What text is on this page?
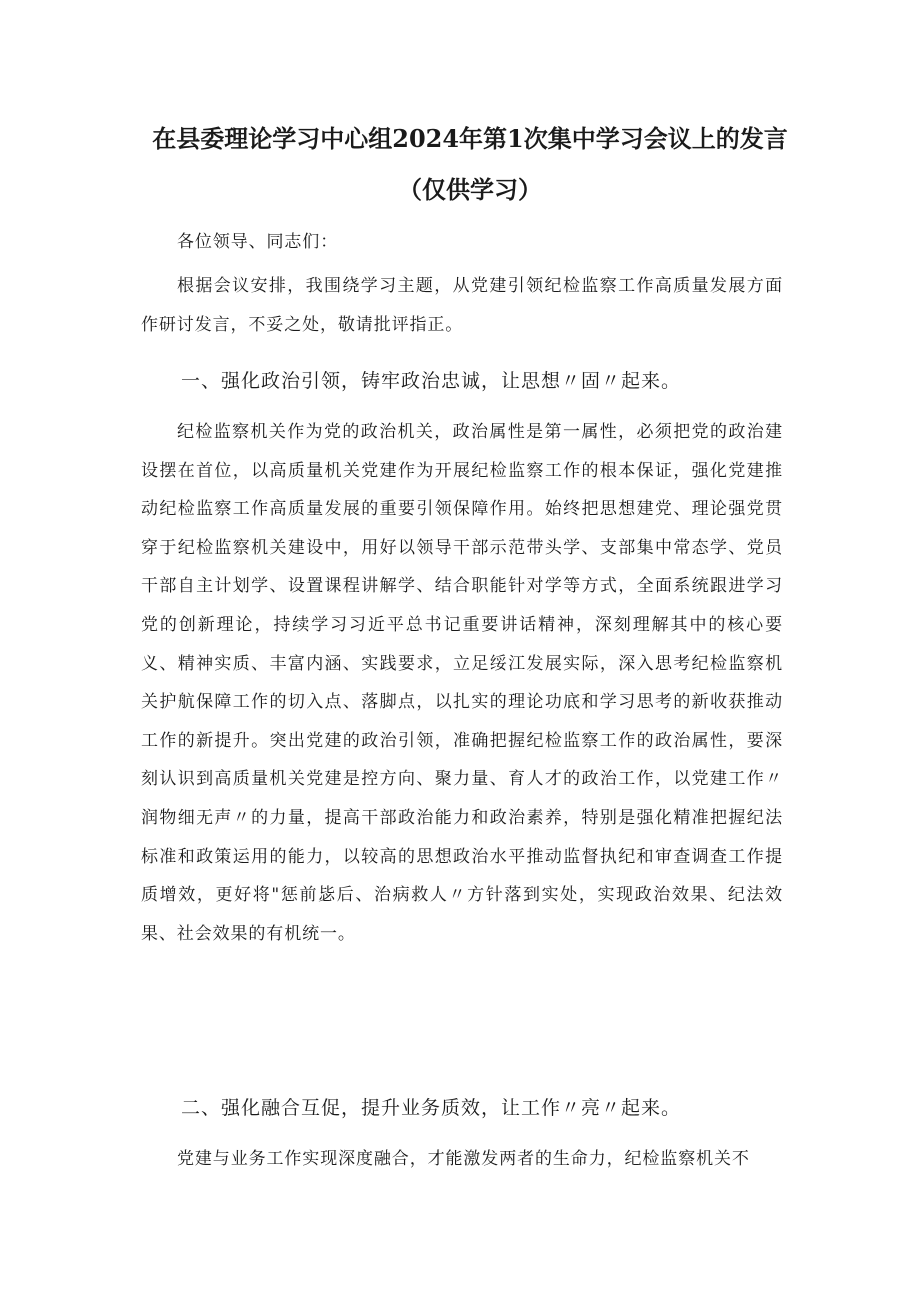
在县委理论学习中心组2024年第1次集中学习会议上的发言
（仅供学习）

各位领导、同志们：

根据会议安排，我围绕学习主题，从党建引领纪检监察工作高质量发展方面作研讨发言，不妥之处，敬请批评指正。

一、强化政治引领，铸牢政治忠诚，让思想〃固〃起来。

纪检监察机关作为党的政治机关，政治属性是第一属性，必须把党的政治建设摆在首位，以高质量机关党建作为开展纪检监察工作的根本保证，强化党建推动纪检监察工作高质量发展的重要引领保障作用。始终把思想建党、理论强党贯穿于纪检监察机关建设中，用好以领导干部示范带头学、支部集中常态学、党员干部自主计划学、设置课程讲解学、结合职能针对学等方式，全面系统跟进学习党的创新理论，持续学习习近平总书记重要讲话精神，深刻理解其中的核心要义、精神实质、丰富内涵、实践要求，立足绥江发展实际，深入思考纪检监察机关护航保障工作的切入点、落脚点，以扎实的理论功底和学习思考的新收获推动工作的新提升。突出党建的政治引领，准确把握纪检监察工作的政治属性，要深刻认识到高质量机关党建是控方向、聚力量、育人才的政治工作，以党建工作〃润物细无声〃的力量，提高干部政治能力和政治素养，特别是强化精准把握纪法标准和政策运用的能力，以较高的思想政治水平推动监督执纪和审查调查工作提质增效，更好将"惩前毖后、治病救人〃方针落到实处，实现政治效果、纪法效果、社会效果的有机统一。

二、强化融合互促，提升业务质效，让工作〃亮〃起来。

党建与业务工作实现深度融合，才能激发两者的生命力，纪检监察机关不
